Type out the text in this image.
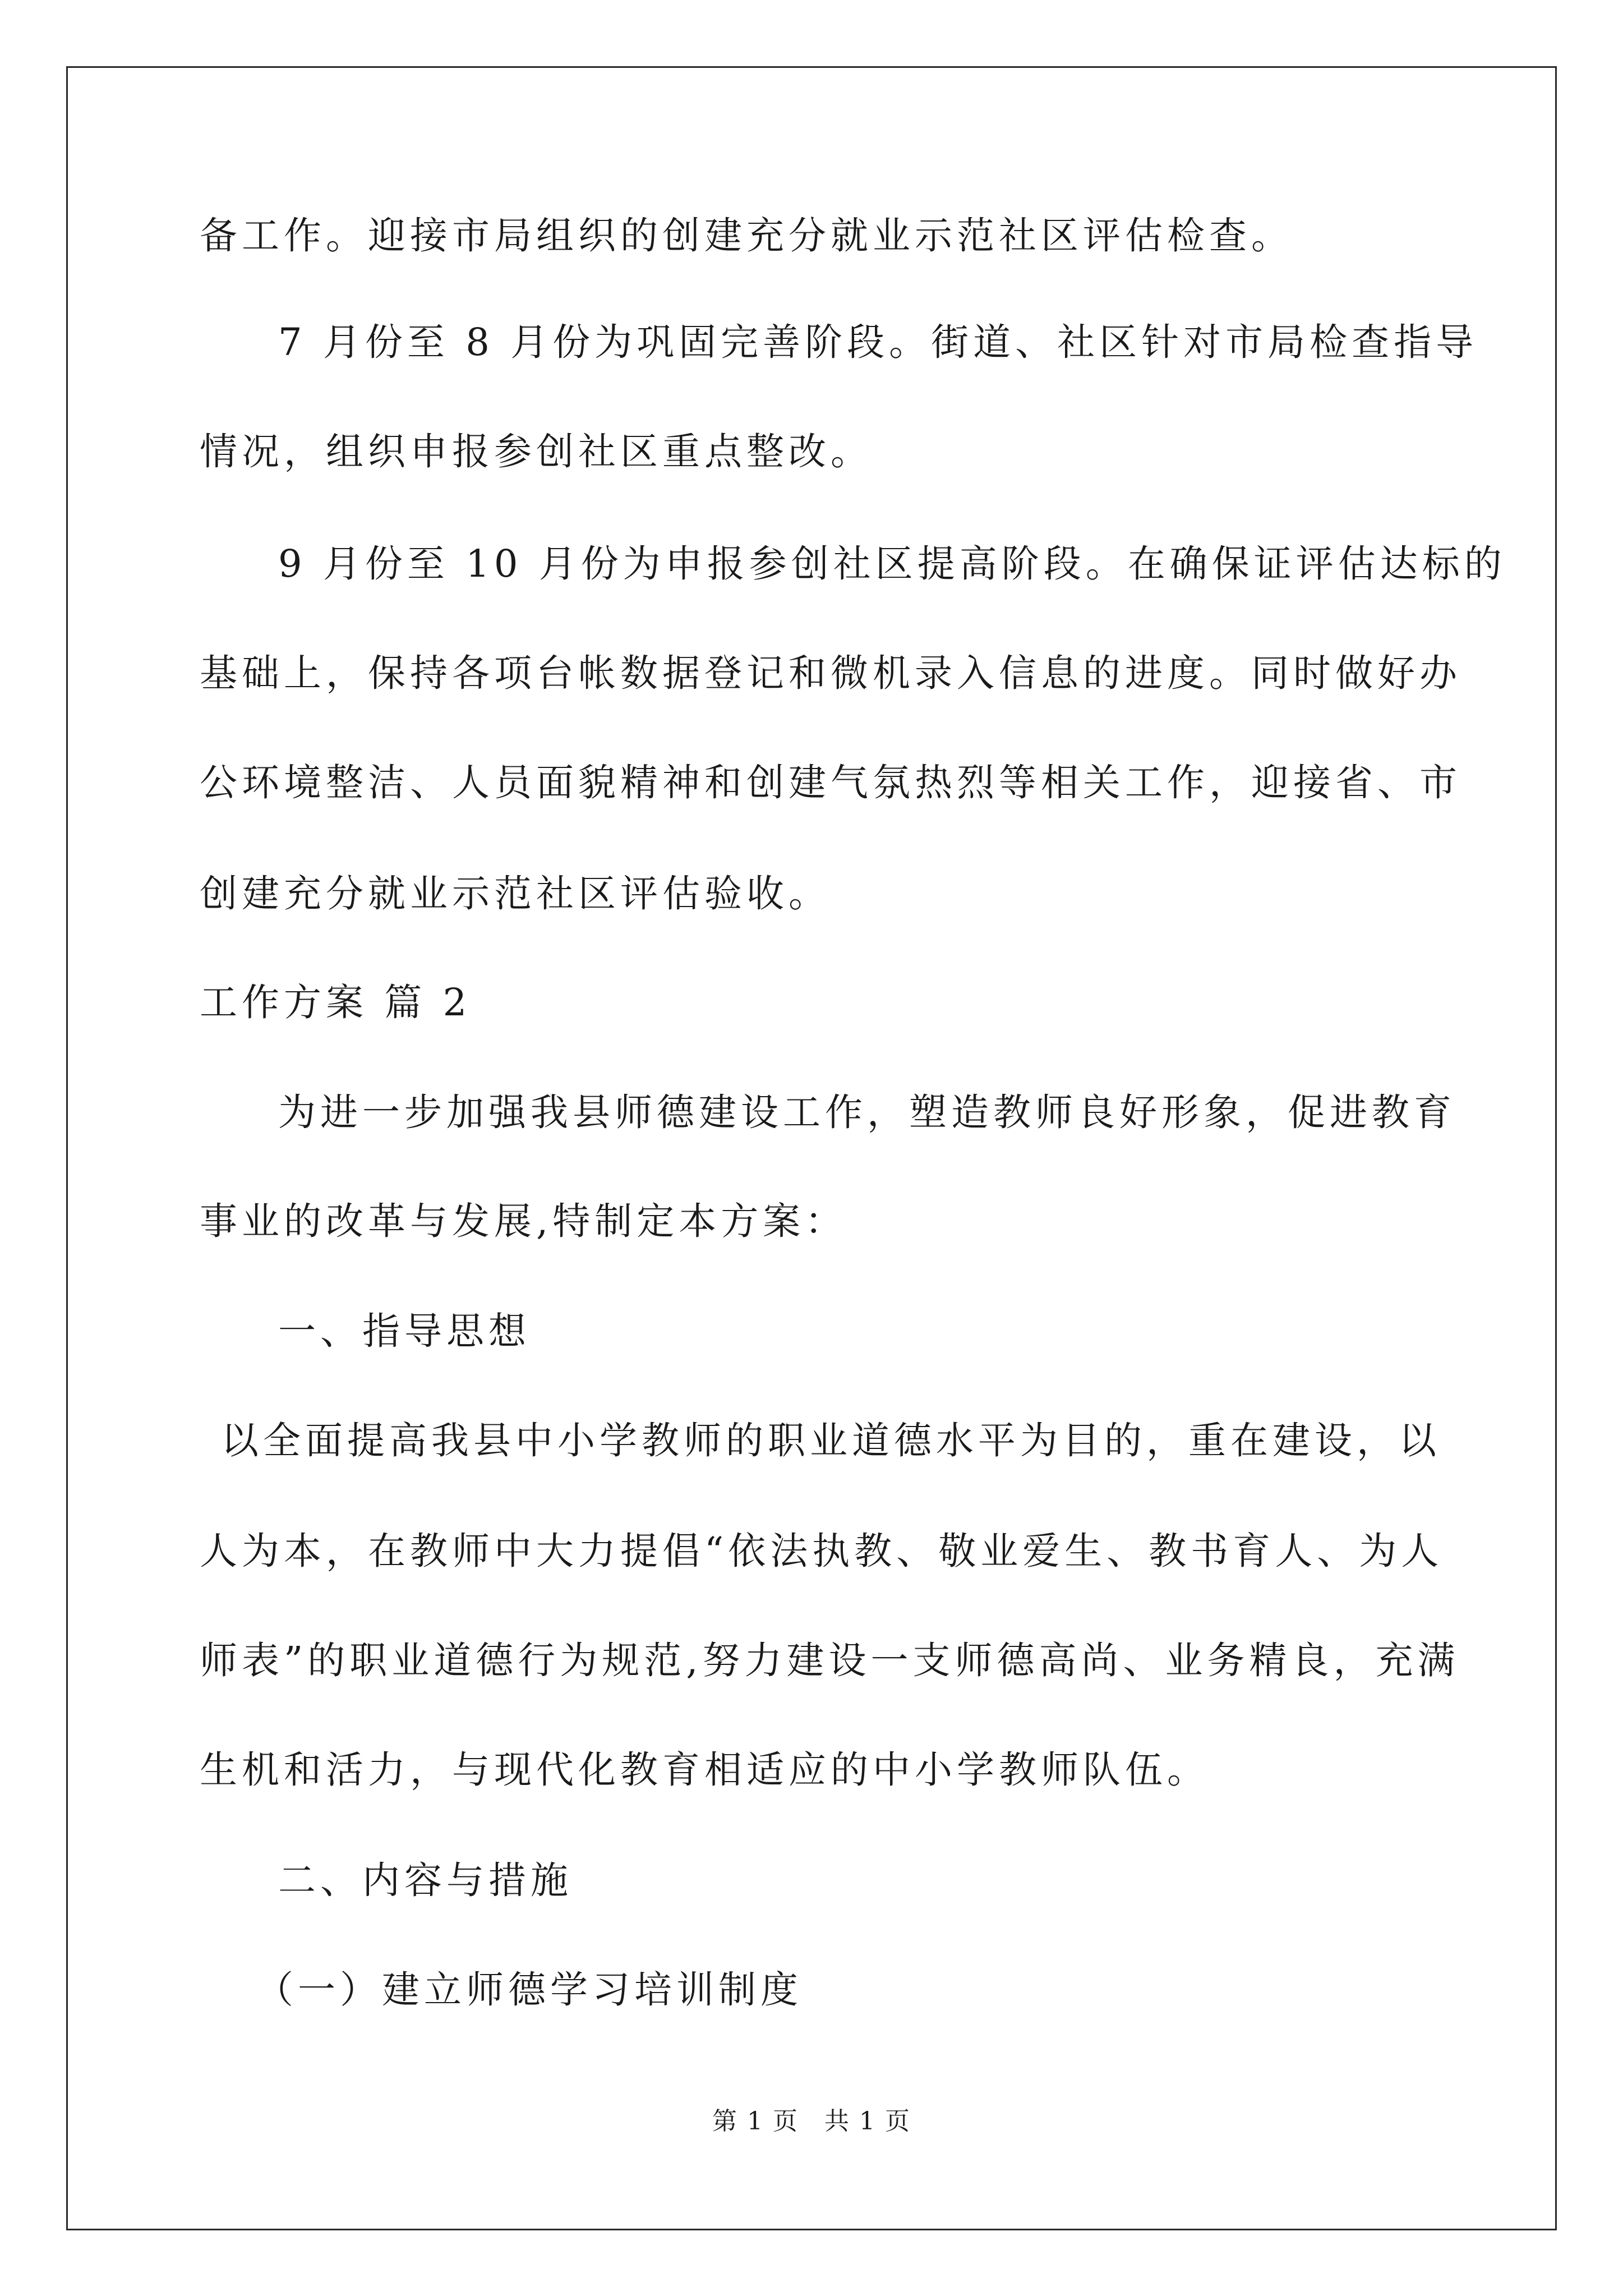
备工作。迎接市局组织的创建充分就业示范社区评估检查。
7 月份至 8 月份为巩固完善阶段。街道、社区针对市局检查指导
情况，组织申报参创社区重点整改。
9 月份至 10 月份为申报参创社区提高阶段。在确保证评估达标的
基础上，保持各项台帐数据登记和微机录入信息的进度。同时做好办
公环境整洁、人员面貌精神和创建气氛热烈等相关工作，迎接省、市
创建充分就业示范社区评估验收。
工作方案 篇 2
为进一步加强我县师德建设工作，塑造教师良好形象，促进教育
事业的改革与发展,特制定本方案：
一、指导思想
以全面提高我县中小学教师的职业道德水平为目的，重在建设，以
人为本，在教师中大力提倡“依法执教、敬业爱生、教书育人、为人
师表”的职业道德行为规范,努力建设一支师德高尚、业务精良，充满
生机和活力，与现代化教育相适应的中小学教师队伍。
二、内容与措施
（一）建立师德学习培训制度
第 1 页　共 1 页
